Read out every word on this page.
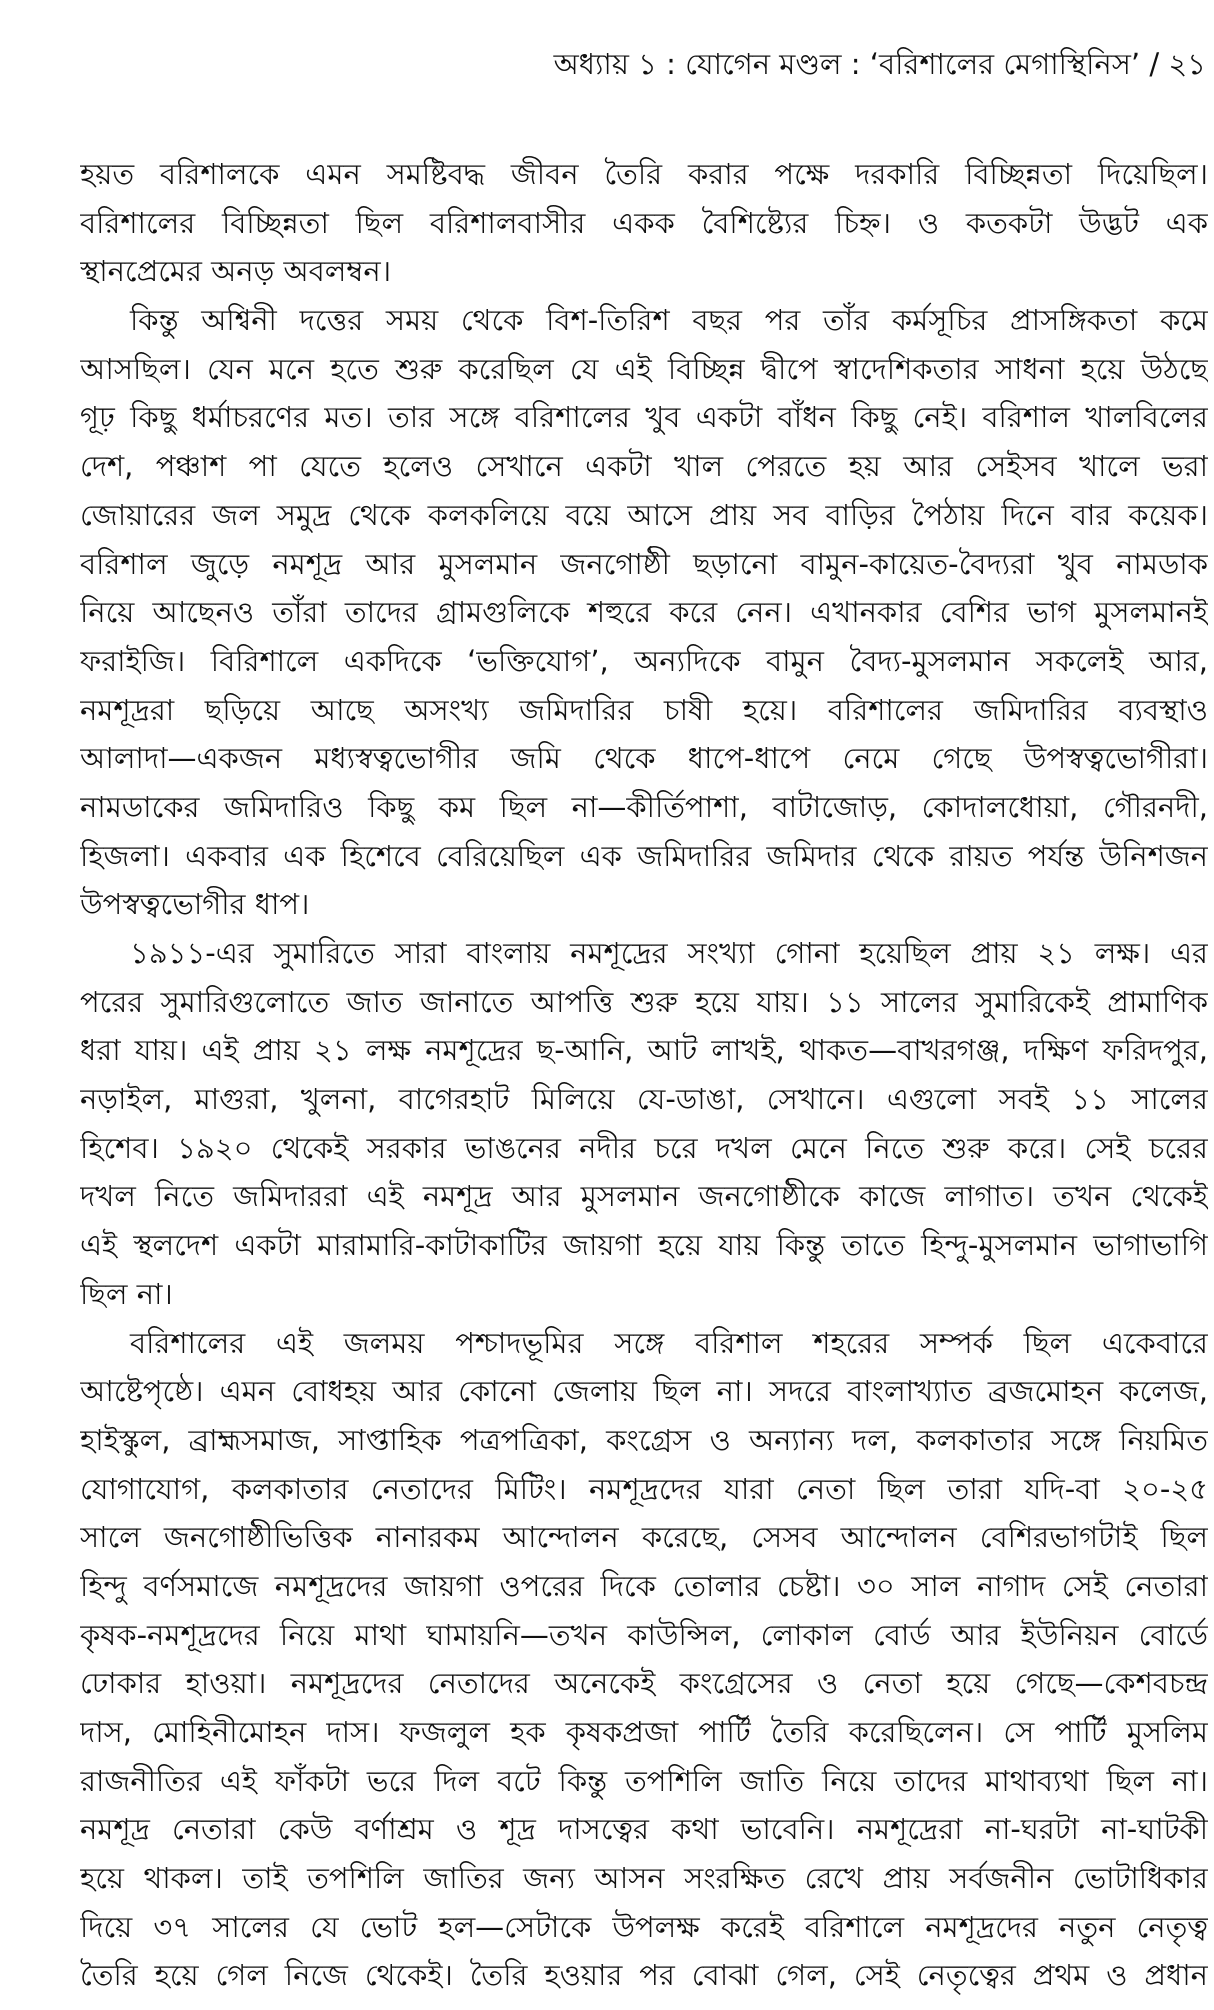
অধ্যায় ১ : যোগেন মণ্ডল : ‘বরিশালের মেগাস্থিনিস’ / ২১
হয়ত বরিশালকে এমন সমষ্টিবদ্ধ জীবন তৈরি করার পক্ষে দরকারি বিচ্ছিন্নতা দিয়েছিল।
বরিশালের বিচ্ছিন্নতা ছিল বরিশালবাসীর একক বৈশিষ্ট্যের চিহ্ন। ও কতকটা উদ্ভট এক
স্থানপ্রেমের অনড় অবলম্বন।
কিন্তু অশ্বিনী দত্তের সময় থেকে বিশ-তিরিশ বছর পর তাঁর কর্মসূচির প্রাসঙ্গিকতা কমে
আসছিল। যেন মনে হতে শুরু করেছিল যে এই বিচ্ছিন্ন দ্বীপে স্বাদেশিকতার সাধনা হয়ে উঠছে
গূঢ় কিছু ধর্মাচরণের মত। তার সঙ্গে বরিশালের খুব একটা বাঁধন কিছু নেই। বরিশাল খালবিলের
দেশ, পঞ্চাশ পা যেতে হলেও সেখানে একটা খাল পেরতে হয় আর সেইসব খালে ভরা
জোয়ারের জল সমুদ্র থেকে কলকলিয়ে বয়ে আসে প্রায় সব বাড়ির পৈঠায় দিনে বার কয়েক।
বরিশাল জুড়ে নমশূদ্র আর মুসলমান জনগোষ্ঠী ছড়ানো বামুন-কায়েত-বৈদ্যরা খুব নামডাক
নিয়ে আছেনও তাঁরা তাদের গ্রামগুলিকে শহুরে করে নেন। এখানকার বেশির ভাগ মুসলমানই
ফরাইজি। বিরিশালে একদিকে ‘ভক্তিযোগ’, অন্যদিকে বামুন বৈদ্য-মুসলমান সকলেই আর,
নমশূদ্ররা ছড়িয়ে আছে অসংখ্য জমিদারির চাষী হয়ে। বরিশালের জমিদারির ব্যবস্থাও
আলাদা—একজন মধ্যস্বত্বভোগীর জমি থেকে ধাপে-ধাপে নেমে গেছে উপস্বত্বভোগীরা।
নামডাকের জমিদারিও কিছু কম ছিল না—কীর্তিপাশা, বাটাজোড়, কোদালধোয়া, গৌরনদী,
হিজলা। একবার এক হিশেবে বেরিয়েছিল এক জমিদারির জমিদার থেকে রায়ত পর্যন্ত উনিশজন
উপস্বত্বভোগীর ধাপ।
১৯১১-এর সুমারিতে সারা বাংলায় নমশূদ্রের সংখ্যা গোনা হয়েছিল প্রায় ২১ লক্ষ। এর
পরের সুমারিগুলোতে জাত জানাতে আপত্তি শুরু হয়ে যায়। ১১ সালের সুমারিকেই প্রামাণিক
ধরা যায়। এই প্রায় ২১ লক্ষ নমশূদ্রের ছ-আনি, আট লাখই, থাকত—বাখরগঞ্জ, দক্ষিণ ফরিদপুর,
নড়াইল, মাগুরা, খুলনা, বাগেরহাট মিলিয়ে যে-ডাঙা, সেখানে। এগুলো সবই ১১ সালের
হিশেব। ১৯২০ থেকেই সরকার ভাঙনের নদীর চরে দখল মেনে নিতে শুরু করে। সেই চরের
দখল নিতে জমিদাররা এই নমশূদ্র আর মুসলমান জনগোষ্ঠীকে কাজে লাগাত। তখন থেকেই
এই স্থলদেশ একটা মারামারি-কাটাকাটির জায়গা হয়ে যায় কিন্তু তাতে হিন্দু-মুসলমান ভাগাভাগি
ছিল না।
বরিশালের এই জলময় পশ্চাদভূমির সঙ্গে বরিশাল শহরের সম্পর্ক ছিল একেবারে
আষ্টেপৃষ্ঠে। এমন বোধহয় আর কোনো জেলায় ছিল না। সদরে বাংলাখ্যাত ব্রজমোহন কলেজ,
হাইস্কুল, ব্রাহ্মসমাজ, সাপ্তাহিক পত্রপত্রিকা, কংগ্রেস ও অন্যান্য দল, কলকাতার সঙ্গে নিয়মিত
যোগাযোগ, কলকাতার নেতাদের মিটিং। নমশূদ্রদের যারা নেতা ছিল তারা যদি-বা ২০-২৫
সালে জনগোষ্ঠীভিত্তিক নানারকম আন্দোলন করেছে, সেসব আন্দোলন বেশিরভাগটাই ছিল
হিন্দু বর্ণসমাজে নমশূদ্রদের জায়গা ওপরের দিকে তোলার চেষ্টা। ৩০ সাল নাগাদ সেই নেতারা
কৃষক-নমশূদ্রদের নিয়ে মাথা ঘামায়নি—তখন কাউন্সিল, লোকাল বোর্ড আর ইউনিয়ন বোর্ডে
ঢোকার হাওয়া। নমশূদ্রদের নেতাদের অনেকেই কংগ্রেসের ও নেতা হয়ে গেছে—কেশবচন্দ্র
দাস, মোহিনীমোহন দাস। ফজলুল হক কৃষকপ্রজা পার্টি তৈরি করেছিলেন। সে পার্টি মুসলিম
রাজনীতির এই ফাঁকটা ভরে দিল বটে কিন্তু তপশিলি জাতি নিয়ে তাদের মাথাব্যথা ছিল না।
নমশূদ্র নেতারা কেউ বর্ণাশ্রম ও শূদ্র দাসত্বের কথা ভাবেনি। নমশূদ্রেরা না-ঘরটা না-ঘাটকী
হয়ে থাকল। তাই তপশিলি জাতির জন্য আসন সংরক্ষিত রেখে প্রায় সর্বজনীন ভোটাধিকার
দিয়ে ৩৭ সালের যে ভোট হল—সেটাকে উপলক্ষ করেই বরিশালে নমশূদ্রদের নতুন নেতৃত্ব
তৈরি হয়ে গেল নিজে থেকেই। তৈরি হওয়ার পর বোঝা গেল, সেই নেতৃত্বের প্রথম ও প্রধান
